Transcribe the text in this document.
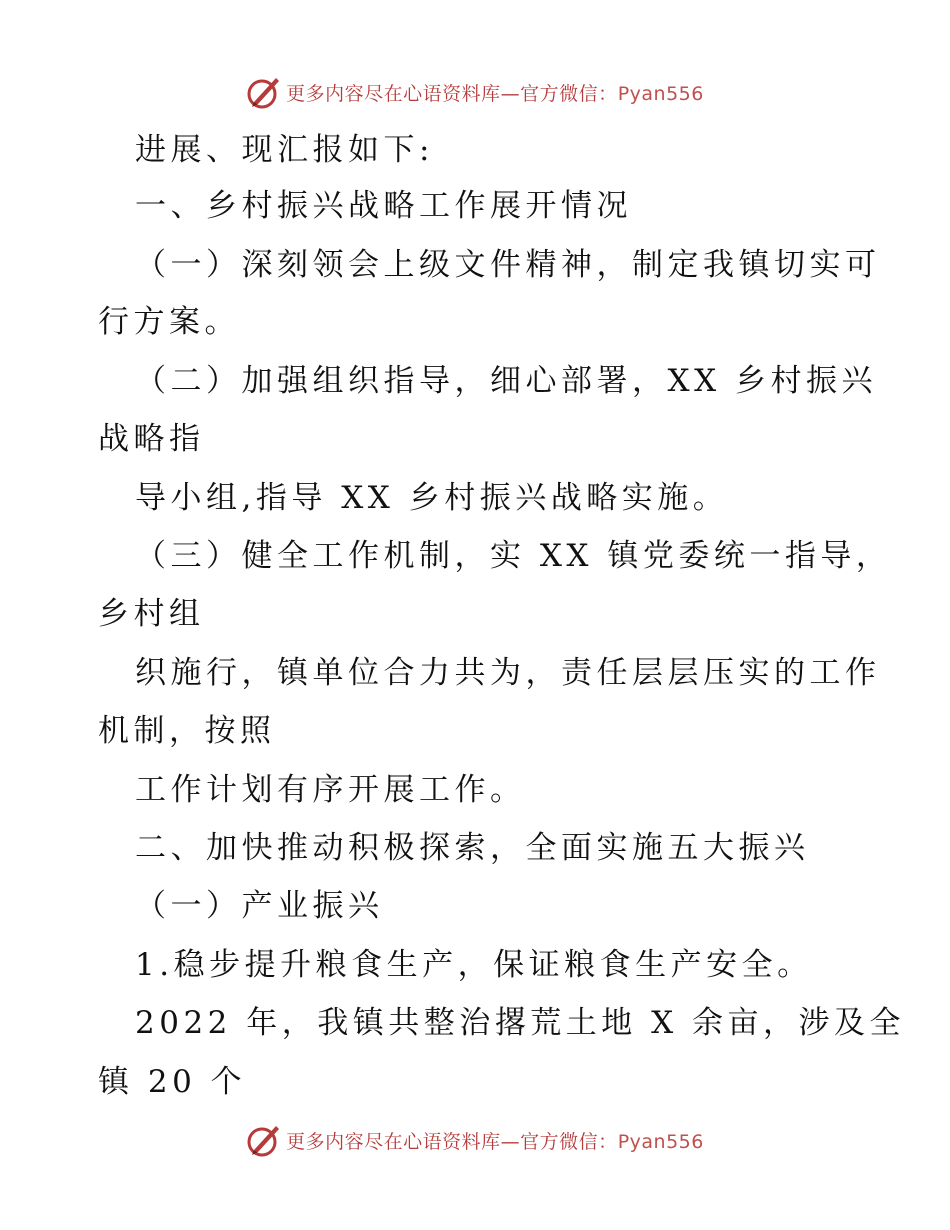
更多内容尽在心语资料库—官方微信：Pyan556
进展、现汇报如下:
一、乡村振兴战略工作展开情况
（一）深刻领会上级文件精神，制定我镇切实可
行方案。
（二）加强组织指导，细心部署，XX 乡村振兴
战略指
导小组,指导 XX 乡村振兴战略实施。
（三）健全工作机制，实 XX 镇党委统一指导，
乡村组
织施行，镇单位合力共为，责任层层压实的工作
机制，按照
工作计划有序开展工作。
二、加快推动积极探索，全面实施五大振兴
（一）产业振兴
1.稳步提升粮食生产，保证粮食生产安全。
2022 年，我镇共整治撂荒土地 X 余亩，涉及全
镇 20 个
更多内容尽在心语资料库—官方微信：Pyan556
